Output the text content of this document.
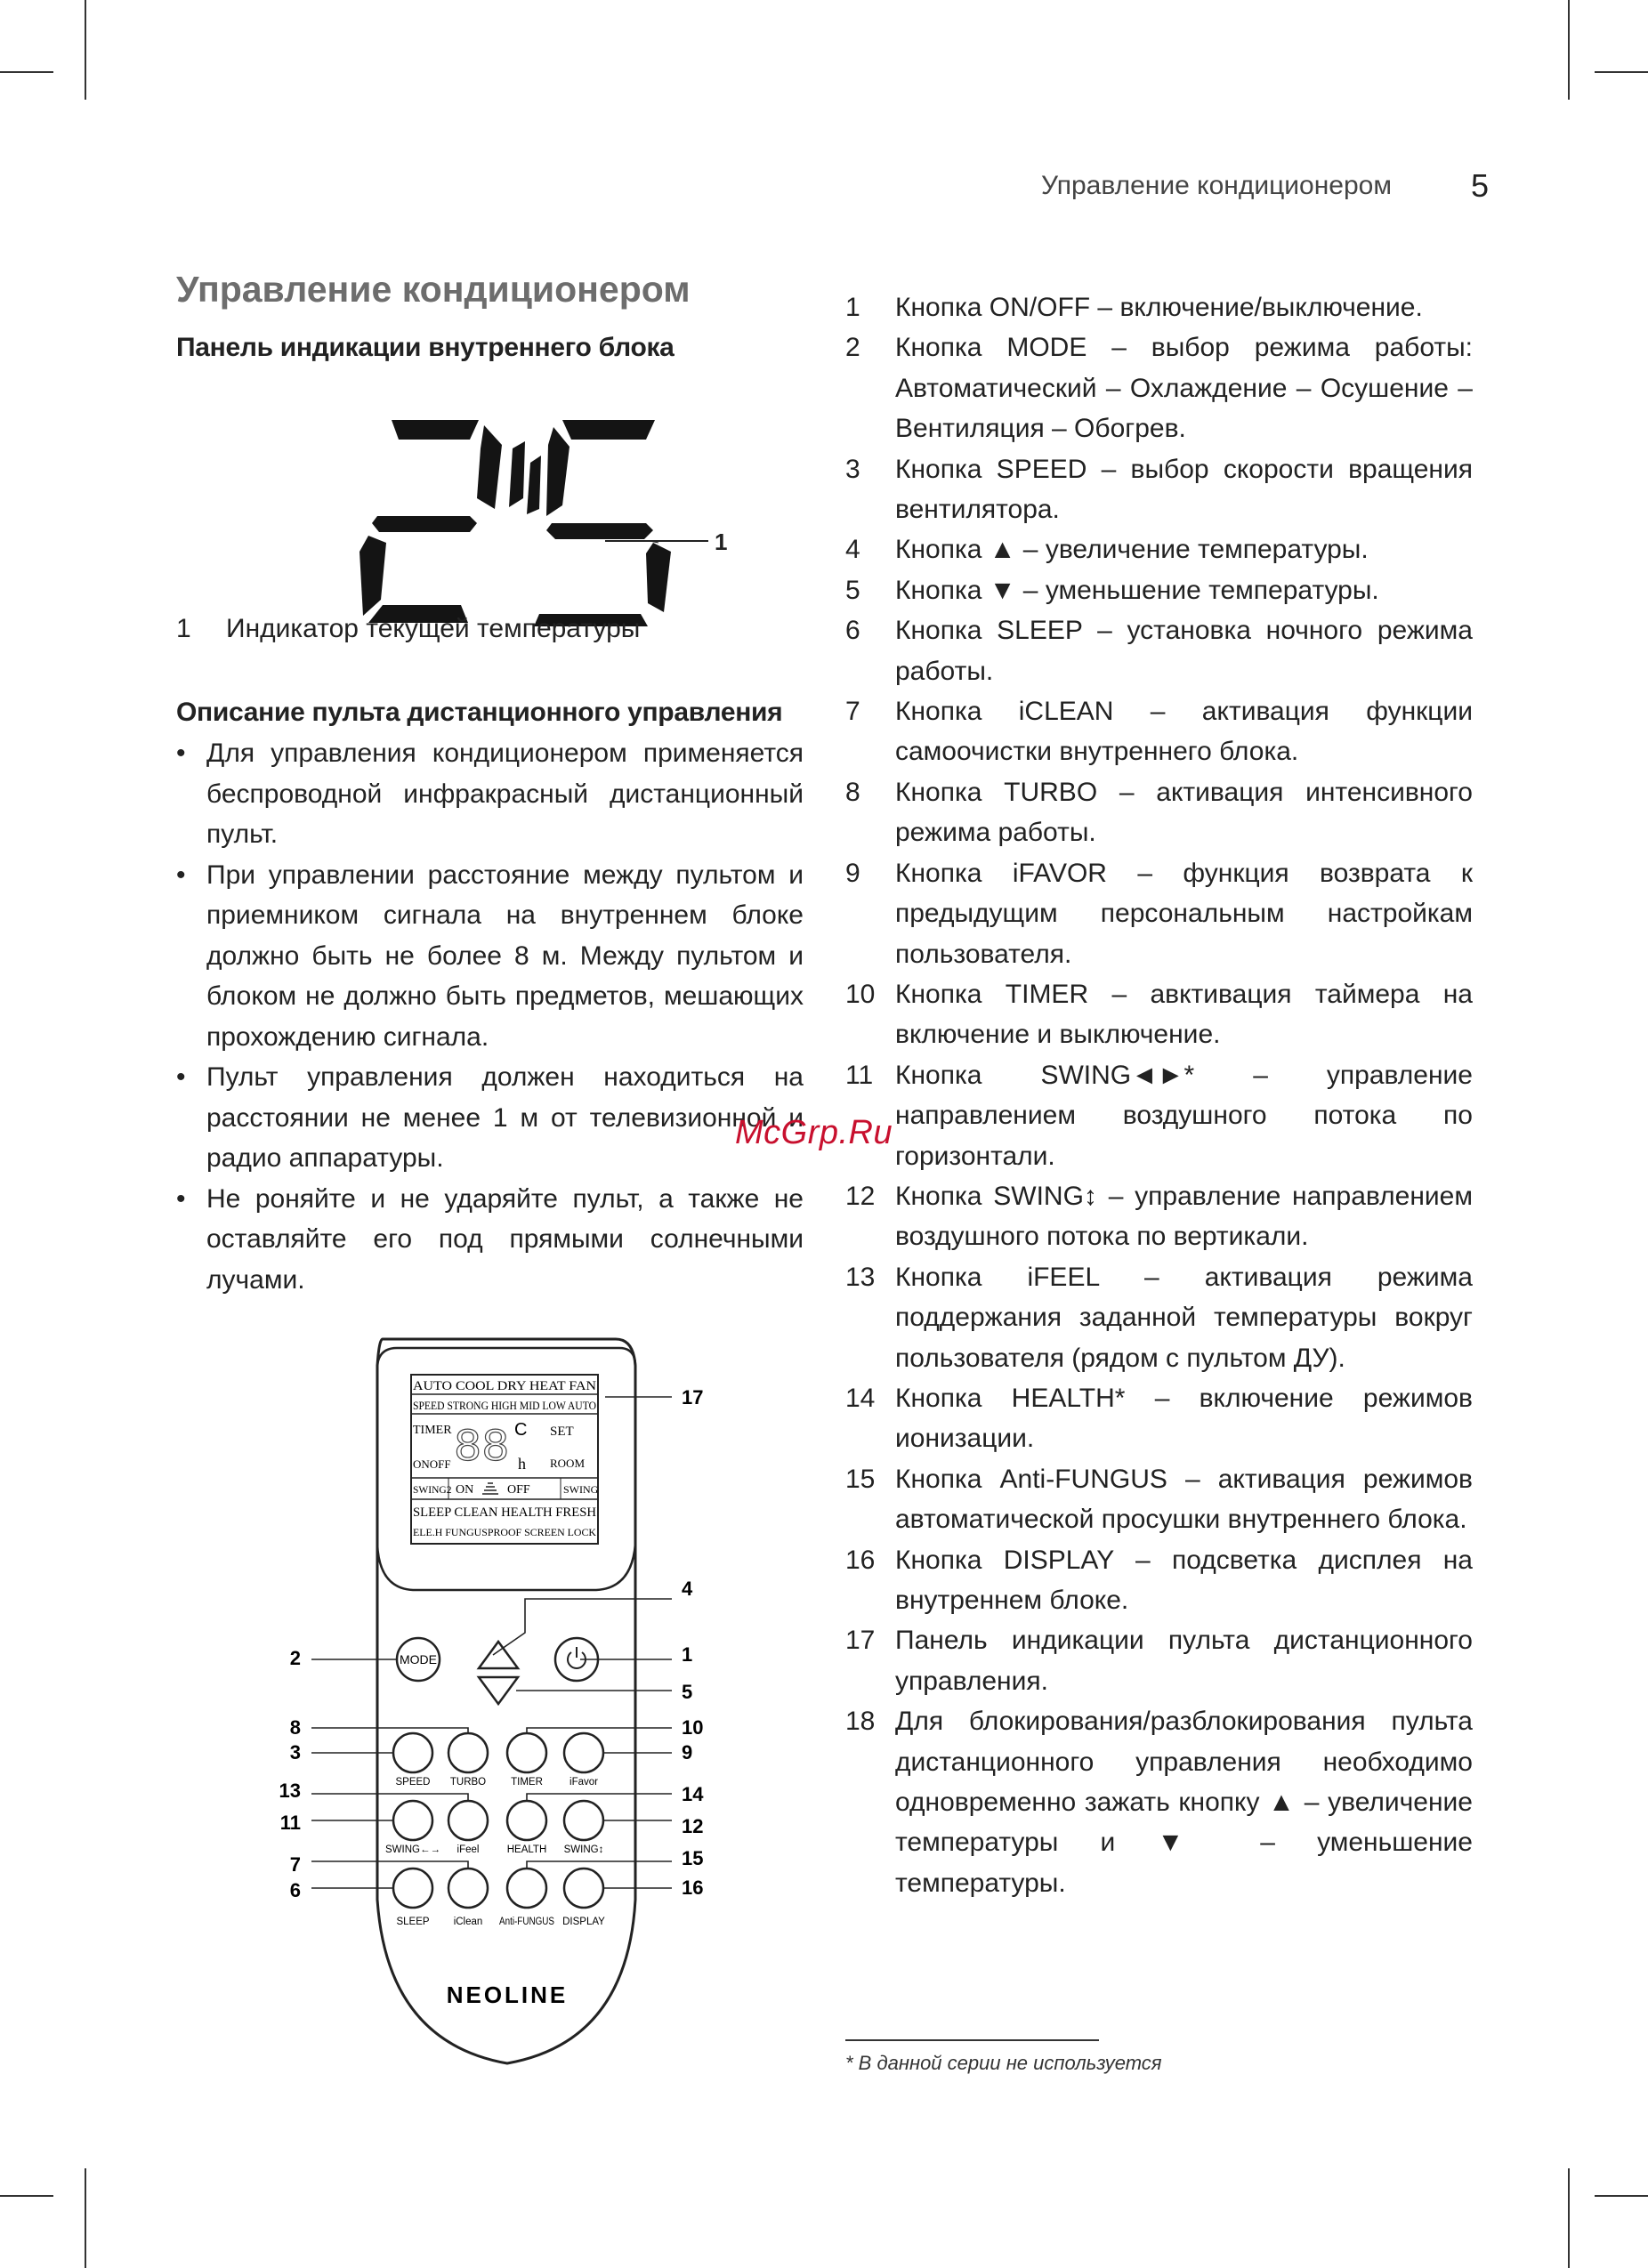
Управление кондиционером 5
Управление кондиционером
Панель индикации внутреннего блока
1
1 Индикатор текущей температуры
Описание пульта дистанционного управления
• Для управления кондиционером применяется беспроводной инфракрасный дистанционный пульт.
• При управлении расстояние между пультом и приемником сигнала на внутреннем блоке должно быть не более 8 м. Между пультом и блоком не должно быть предметов, мешающих прохождению сигнала.
• Пульт управления должен находиться на расстоянии не менее 1 м от телевизионной и радио аппаратуры.
• Не роняйте и не ударяйте пульт, а также не оставляйте его под прямыми солнечными лучами.
AUTO COOL DRY HEAT FAN
SPEED STRONG HIGH MID LOW AUTO
TIMER
ONOFF 88 C SET
h ROOM
SWING2 ON	OFF	SWING
SLEEP CLEAN HEALTH FRESH
ELE.H FUNGUSPROOF SCREEN LOCK
MODE
SPEED TURBO TIMER	iFavor
SWING←→ iFeel	HEALTH SWING↕
SLEEP iClean Anti-FUNGUS DISPLAY
NEOLINE
17
4
1
5
10
9
14
12
15
16
2
8
3
13
11
7
6
1	Кнопка ON/OFF – включение/выключение.
2	Кнопка MODE – выбор режима работы: Автоматический – Охлаждение – Осушение – Вентиляция – Обогрев.
3	Кнопка SPEED – выбор скорости вращения вентилятора.
4	Кнопка ▲ – увеличение температуры.
5	Кнопка ▼ – уменьшение температуры.
6	Кнопка SLEEP – установка ночного режима работы.
7	Кнопка iCLEAN – активация функции самоочистки внутреннего блока.
8	Кнопка TURBO – активация интенсивного режима работы.
9	Кнопка iFAVOR – функция возврата к предыдущим персональным настройкам пользователя.
10 Кнопка TIMER – авктивация таймера на включение и выключение.
11 Кнопка SWING◄►* – управление направлением воздушного потока по горизонтали.
12 Кнопка SWING↕ – управление направлением воздушного потока по вертикали.
13 Кнопка iFEEL – активация режима поддержания заданной температуры вокруг пользователя (рядом с пультом ДУ).
14 Кнопка HEALTH* – включение режимов ионизации.
15 Кнопка Anti-FUNGUS – активация режимов автоматической просушки внутреннего блока.
16 Кнопка DISPLAY – подсветка дисплея на внутреннем блоке.
17 Панель индикации пульта дистанционного управления.
18 Для блокирования/разблокирования пульта дистанционного управления необходимо одновременно зажать кнопку ▲ – увеличение температуры и ▼ – уменьшение температуры.
McGrp.Ru
* В данной серии не используется
